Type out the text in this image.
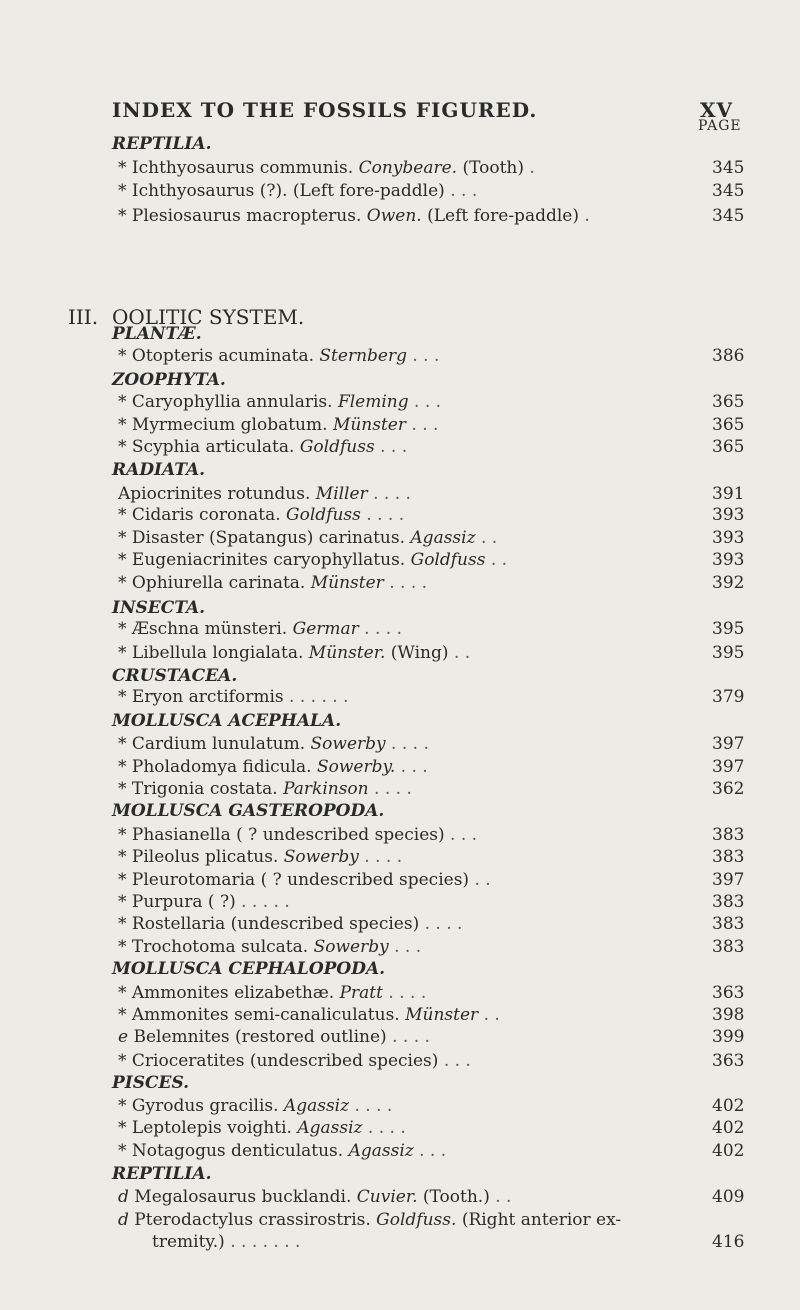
INDEX TO THE FOSSILS FIGURED.	XV
PAGE
III. OOLITIC SYSTEM.
REPTILIA.
* Ichthyosaurus communis. Conybeare. (Tooth) .	345
* Ichthyosaurus (?). (Left fore-paddle) . . .	345
* Plesiosaurus macropterus. Owen. (Left fore-paddle) .	345
PLANTÆ.
* Otopteris acuminata. Sternberg . . .	386
ZOOPHYTA.
* Caryophyllia annularis. Fleming . . .	365
* Myrmecium globatum. Münster . . .	365
* Scyphia articulata. Goldfuss . . .	365
RADIATA.
Apiocrinites rotundus. Miller . . . .	391
* Cidaris coronata. Goldfuss . . . .	393
* Disaster (Spatangus) carinatus. Agassiz . .	393
* Eugeniacrinites caryophyllatus. Goldfuss . .	393
* Ophiurella carinata. Münster . . . .	392
INSECTA.
* Æschna münsteri. Germar . . . .	395
* Libellula longialata. Münster. (Wing) . .	395
CRUSTACEA.
* Eryon arctiformis . . . . . .	379
MOLLUSCA ACEPHALA.
* Cardium lunulatum. Sowerby . . . .	397
* Pholadomya fidicula. Sowerby. . . .	397
* Trigonia costata. Parkinson . . . .	362
MOLLUSCA GASTEROPODA.
* Phasianella ( ? undescribed species) . . .	383
* Pileolus plicatus. Sowerby . . . .	383
* Pleurotomaria ( ? undescribed species) . .	397
* Purpura ( ?) . . . . .	383
* Rostellaria (undescribed species) . . . .	383
* Trochotoma sulcata. Sowerby . . .	383
MOLLUSCA CEPHALOPODA.
* Ammonites elizabethæ. Pratt . . . .	363
* Ammonites semi-canaliculatus. Münster . .	398
e Belemnites (restored outline) . . . .	399
* Crioceratites (undescribed species) . . .	363
PISCES.
* Gyrodus gracilis. Agassiz . . . .	402
* Leptolepis voighti. Agassiz . . . .	402
* Notagogus denticulatus. Agassiz . . .	402
REPTILIA.
d Megalosaurus bucklandi. Cuvier. (Tooth.) . .	409
d Pterodactylus crassirostris. Goldfuss. (Right anterior ex-
tremity.) . . . . . . .	416
